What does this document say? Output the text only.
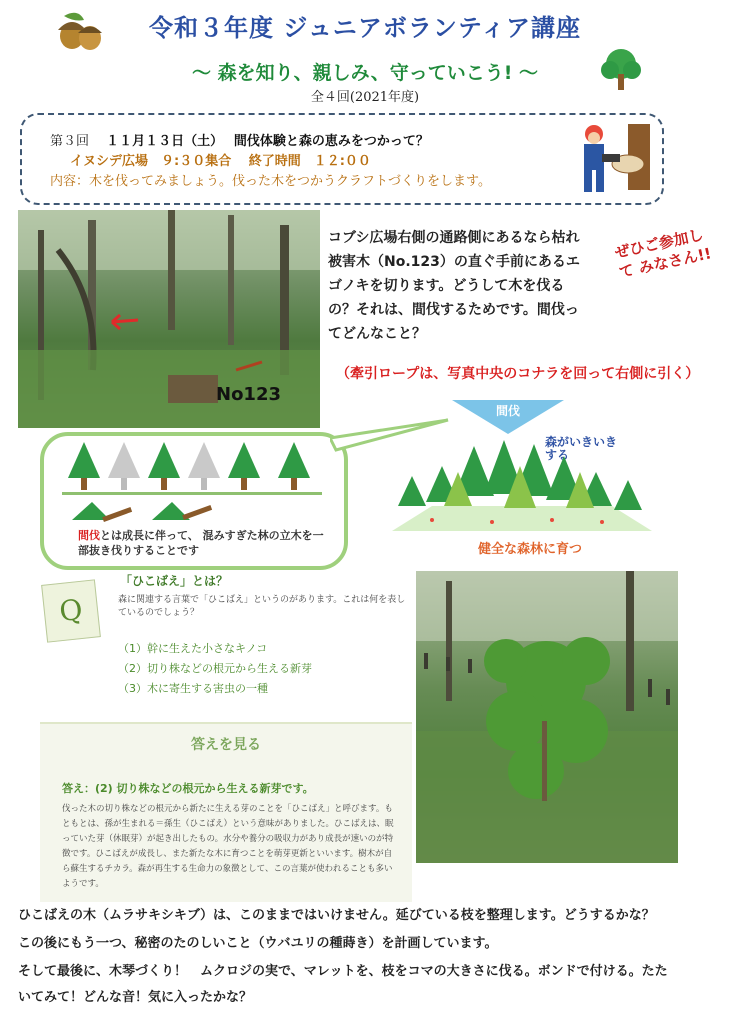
令和３年度 ジュニアボランティア講座
～ 森を知り、親しみ、守っていこう! ～
全４回(2021年度)
第３回　 １１月１３日（土）　 間伐体験と森の恵みをつかって？
イヌシデ広場　９:３０集合　 終了時間　１２:００
内容：木を伐ってみましょう。伐った木をつかうクラフトづくりをします。
No123
コブシ広場右側の通路側にあるなら枯れ被害木（No.123）の直ぐ手前にあるエゴノキを切ります。どうして木を伐るの？それは、間伐するためです。間伐ってどんなこと？
（牽引ロープは、写真中央のコナラを回って右側に引く）
ぜひご参加して みなさん!!
間伐とは成長に伴って、 混みすぎた林の立木を一部抜き伐りすることです
間伐
森がいきいきする
健全な森林に育つ
Q
「ひこばえ」とは？
森に関連する言葉で「ひこばえ」というのがあります。これは何を表しているのでしょう？
（1）幹に生えた小さなキノコ
（2）切り株などの根元から生える新芽
（3）木に寄生する害虫の一種
答えを見る
答え：(2) 切り株などの根元から生える新芽です。
伐った木の切り株などの根元から新たに生える芽のことを「ひこばえ」と呼びます。もともとは、孫が生まれる＝孫生（ひこばえ）という意味がありました。ひこばえは、眠っていた芽（休眠芽）が起き出したもの。水分や養分の吸収力があり成長が速いのが特徴です。ひこばえが成長し、また新たな木に育つことを萌芽更新といいます。樹木が自ら蘇生するチカラ。森が再生する生命力の象徴として、この言葉が使われることも多いようです。
ひこばえの木（ムラサキシキブ）は、このままではいけません。延びている枝を整理します。どうするかな？
この後にもう一つ、秘密のたのしいこと（ウバユリの種蒔き）を計画しています。
そして最後に、木琴づくり！　ムクロジの実で、マレットを、枝をコマの大きさに伐る。ボンドで付ける。たた
いてみて！どんな音！気に入ったかな？
